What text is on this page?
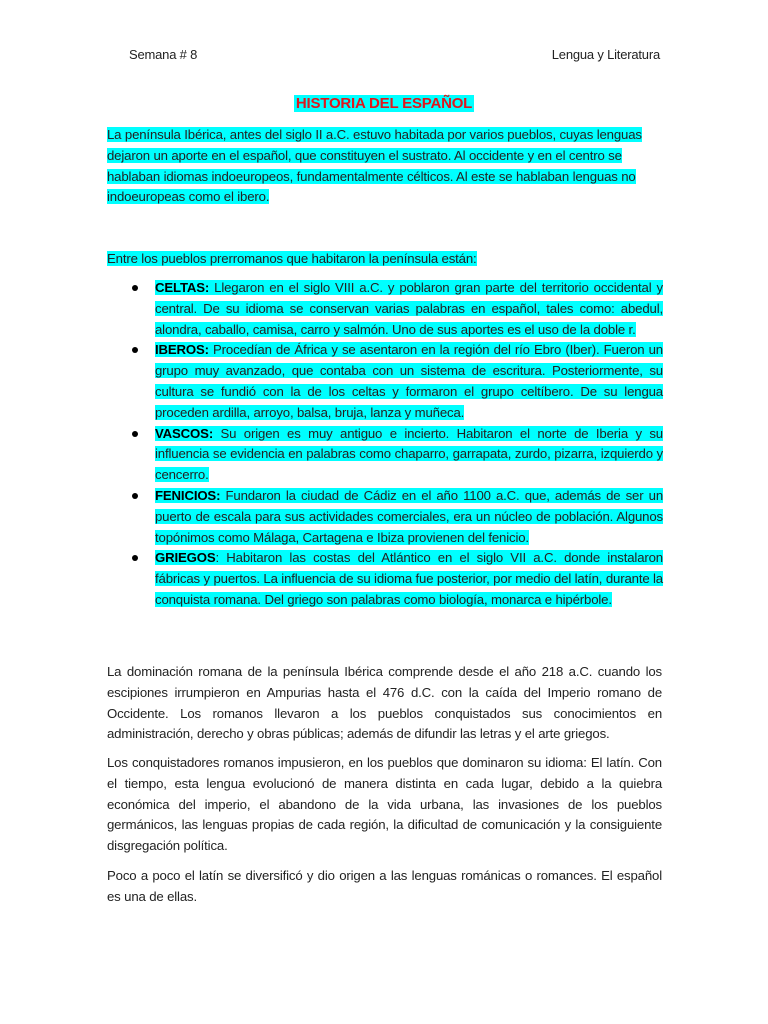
Semana # 8	Lengua y Literatura
HISTORIA DEL ESPAÑOL
La península Ibérica, antes del siglo II a.C. estuvo habitada por varios pueblos, cuyas lenguas dejaron un aporte en el español, que constituyen el sustrato. Al occidente y en el centro se hablaban idiomas indoeuropeos, fundamentalmente célticos. Al este se hablaban lenguas no indoeuropeas como el ibero.
Entre los pueblos prerromanos que habitaron la península están:
CELTAS: Llegaron en el siglo VIII a.C. y poblaron gran parte del territorio occidental y central. De su idioma se conservan varias palabras en español, tales como: abedul, alondra, caballo, camisa, carro y salmón. Uno de sus aportes es el uso de la doble r.
IBEROS: Procedían de África y se asentaron en la región del río Ebro (Iber). Fueron un grupo muy avanzado, que contaba con un sistema de escritura. Posteriormente, su cultura se fundió con la de los celtas y formaron el grupo celtíbero. De su lengua proceden ardilla, arroyo, balsa, bruja, lanza y muñeca.
VASCOS: Su origen es muy antiguo e incierto. Habitaron el norte de Iberia y su influencia se evidencia en palabras como chaparro, garrapata, zurdo, pizarra, izquierdo y cencerro.
FENICIOS: Fundaron la ciudad de Cádiz en el año 1100 a.C. que, además de ser un puerto de escala para sus actividades comerciales, era un núcleo de población. Algunos topónimos como Málaga, Cartagena e Ibiza provienen del fenicio.
GRIEGOS: Habitaron las costas del Atlántico en el siglo VII a.C. donde instalaron fábricas y puertos. La influencia de su idioma fue posterior, por medio del latín, durante la conquista romana. Del griego son palabras como biología, monarca e hipérbole.
La dominación romana de la península Ibérica comprende desde el año 218 a.C. cuando los escipiones irrumpieron en Ampurias hasta el 476 d.C. con la caída del Imperio romano de Occidente. Los romanos llevaron a los pueblos conquistados sus conocimientos en administración, derecho y obras públicas; además de difundir las letras y el arte griegos.
Los conquistadores romanos impusieron, en los pueblos que dominaron su idioma: El latín. Con el tiempo, esta lengua evolucionó de manera distinta en cada lugar, debido a la quiebra económica del imperio, el abandono de la vida urbana, las invasiones de los pueblos germánicos, las lenguas propias de cada región, la dificultad de comunicación y la consiguiente disgregación política.
Poco a poco el latín se diversificó y dio origen a las lenguas románicas o romances. El español es una de ellas.
